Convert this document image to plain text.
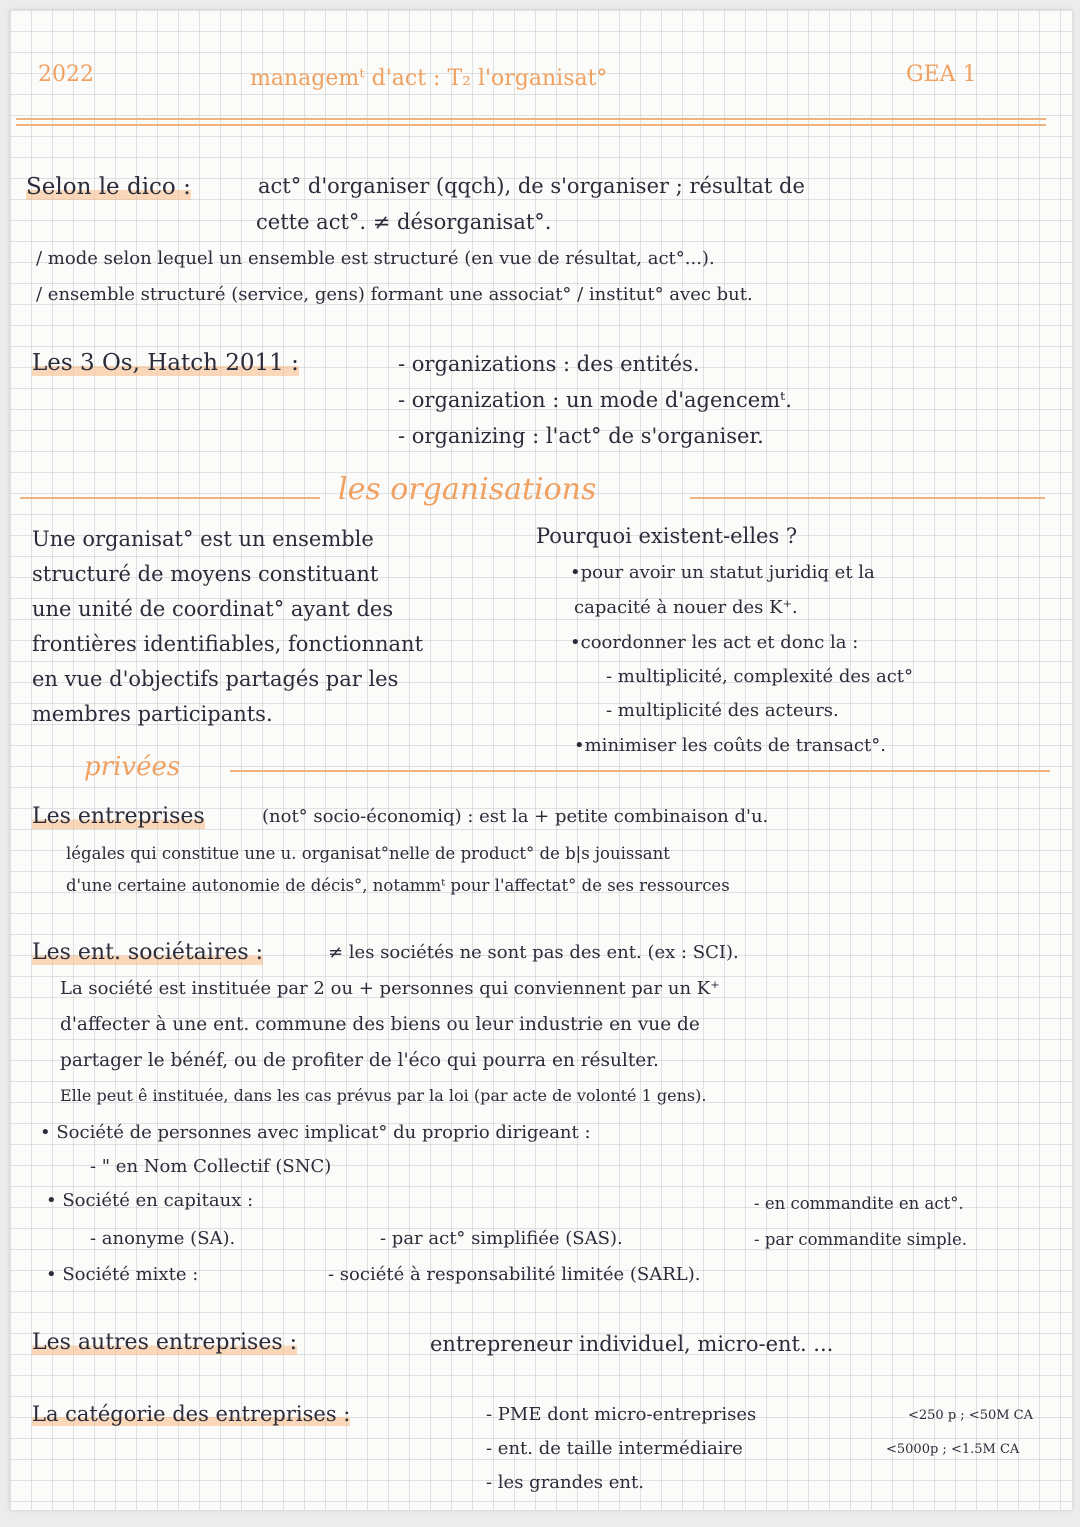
2022	managemᵗ d'act : T₂ l'organisat°	GEA 1
Selon le dico :	act° d'organiser (qqch), de s'organiser ; résultat de
cette act°. ≠ désorganisat°.
/ mode selon lequel un ensemble est structuré (en vue de résultat, act°...).
/ ensemble structuré (service, gens) formant une associat° / institut° avec but.
Les 3 Os, Hatch 2011 :	- organizations : des entités.
- organization : un mode d'agencemᵗ.
- organizing : l'act° de s'organiser.
les organisations
Une organisat° est un ensemble
structuré de moyens constituant
une unité de coordinat° ayant des
frontières identifiables, fonctionnant
en vue d'objectifs partagés par les
membres participants.
Pourquoi existent-elles ?
•pour avoir un statut juridiq et la
capacité à nouer des K⁺.
•coordonner les act et donc la :
- multiplicité, complexité des act°
- multiplicité des acteurs.
•minimiser les coûts de transact°.
privées
Les entreprises	(not° socio-économiq) : est la + petite combinaison d'u.
légales qui constitue une u. organisat°nelle de product° de b|s jouissant
d'une certaine autonomie de décis°, notammᵗ pour l'affectat° de ses ressources
Les ent. sociétaires :	≠ les sociétés ne sont pas des ent. (ex : SCI).
La société est instituée par 2 ou + personnes qui conviennent par un K⁺
d'affecter à une ent. commune des biens ou leur industrie en vue de
partager le bénéf, ou de profiter de l'éco qui pourra en résulter.
Elle peut ê instituée, dans les cas prévus par la loi (par acte de volonté 1 gens).
• Société de personnes avec implicat° du proprio dirigeant :
- " en Nom Collectif (SNC)
• Société en capitaux :	- en commandite en act°.
- anonyme (SA).	- par act° simplifiée (SAS).	- par commandite simple.
• Société mixte :	- société à responsabilité limitée (SARL).
Les autres entreprises :	entrepreneur individuel, micro-ent. ...
La catégorie des entreprises :	- PME dont micro-entreprises	<250 p ; <50M CA
- ent. de taille intermédiaire	<5000p ; <1.5M CA
- les grandes ent.
